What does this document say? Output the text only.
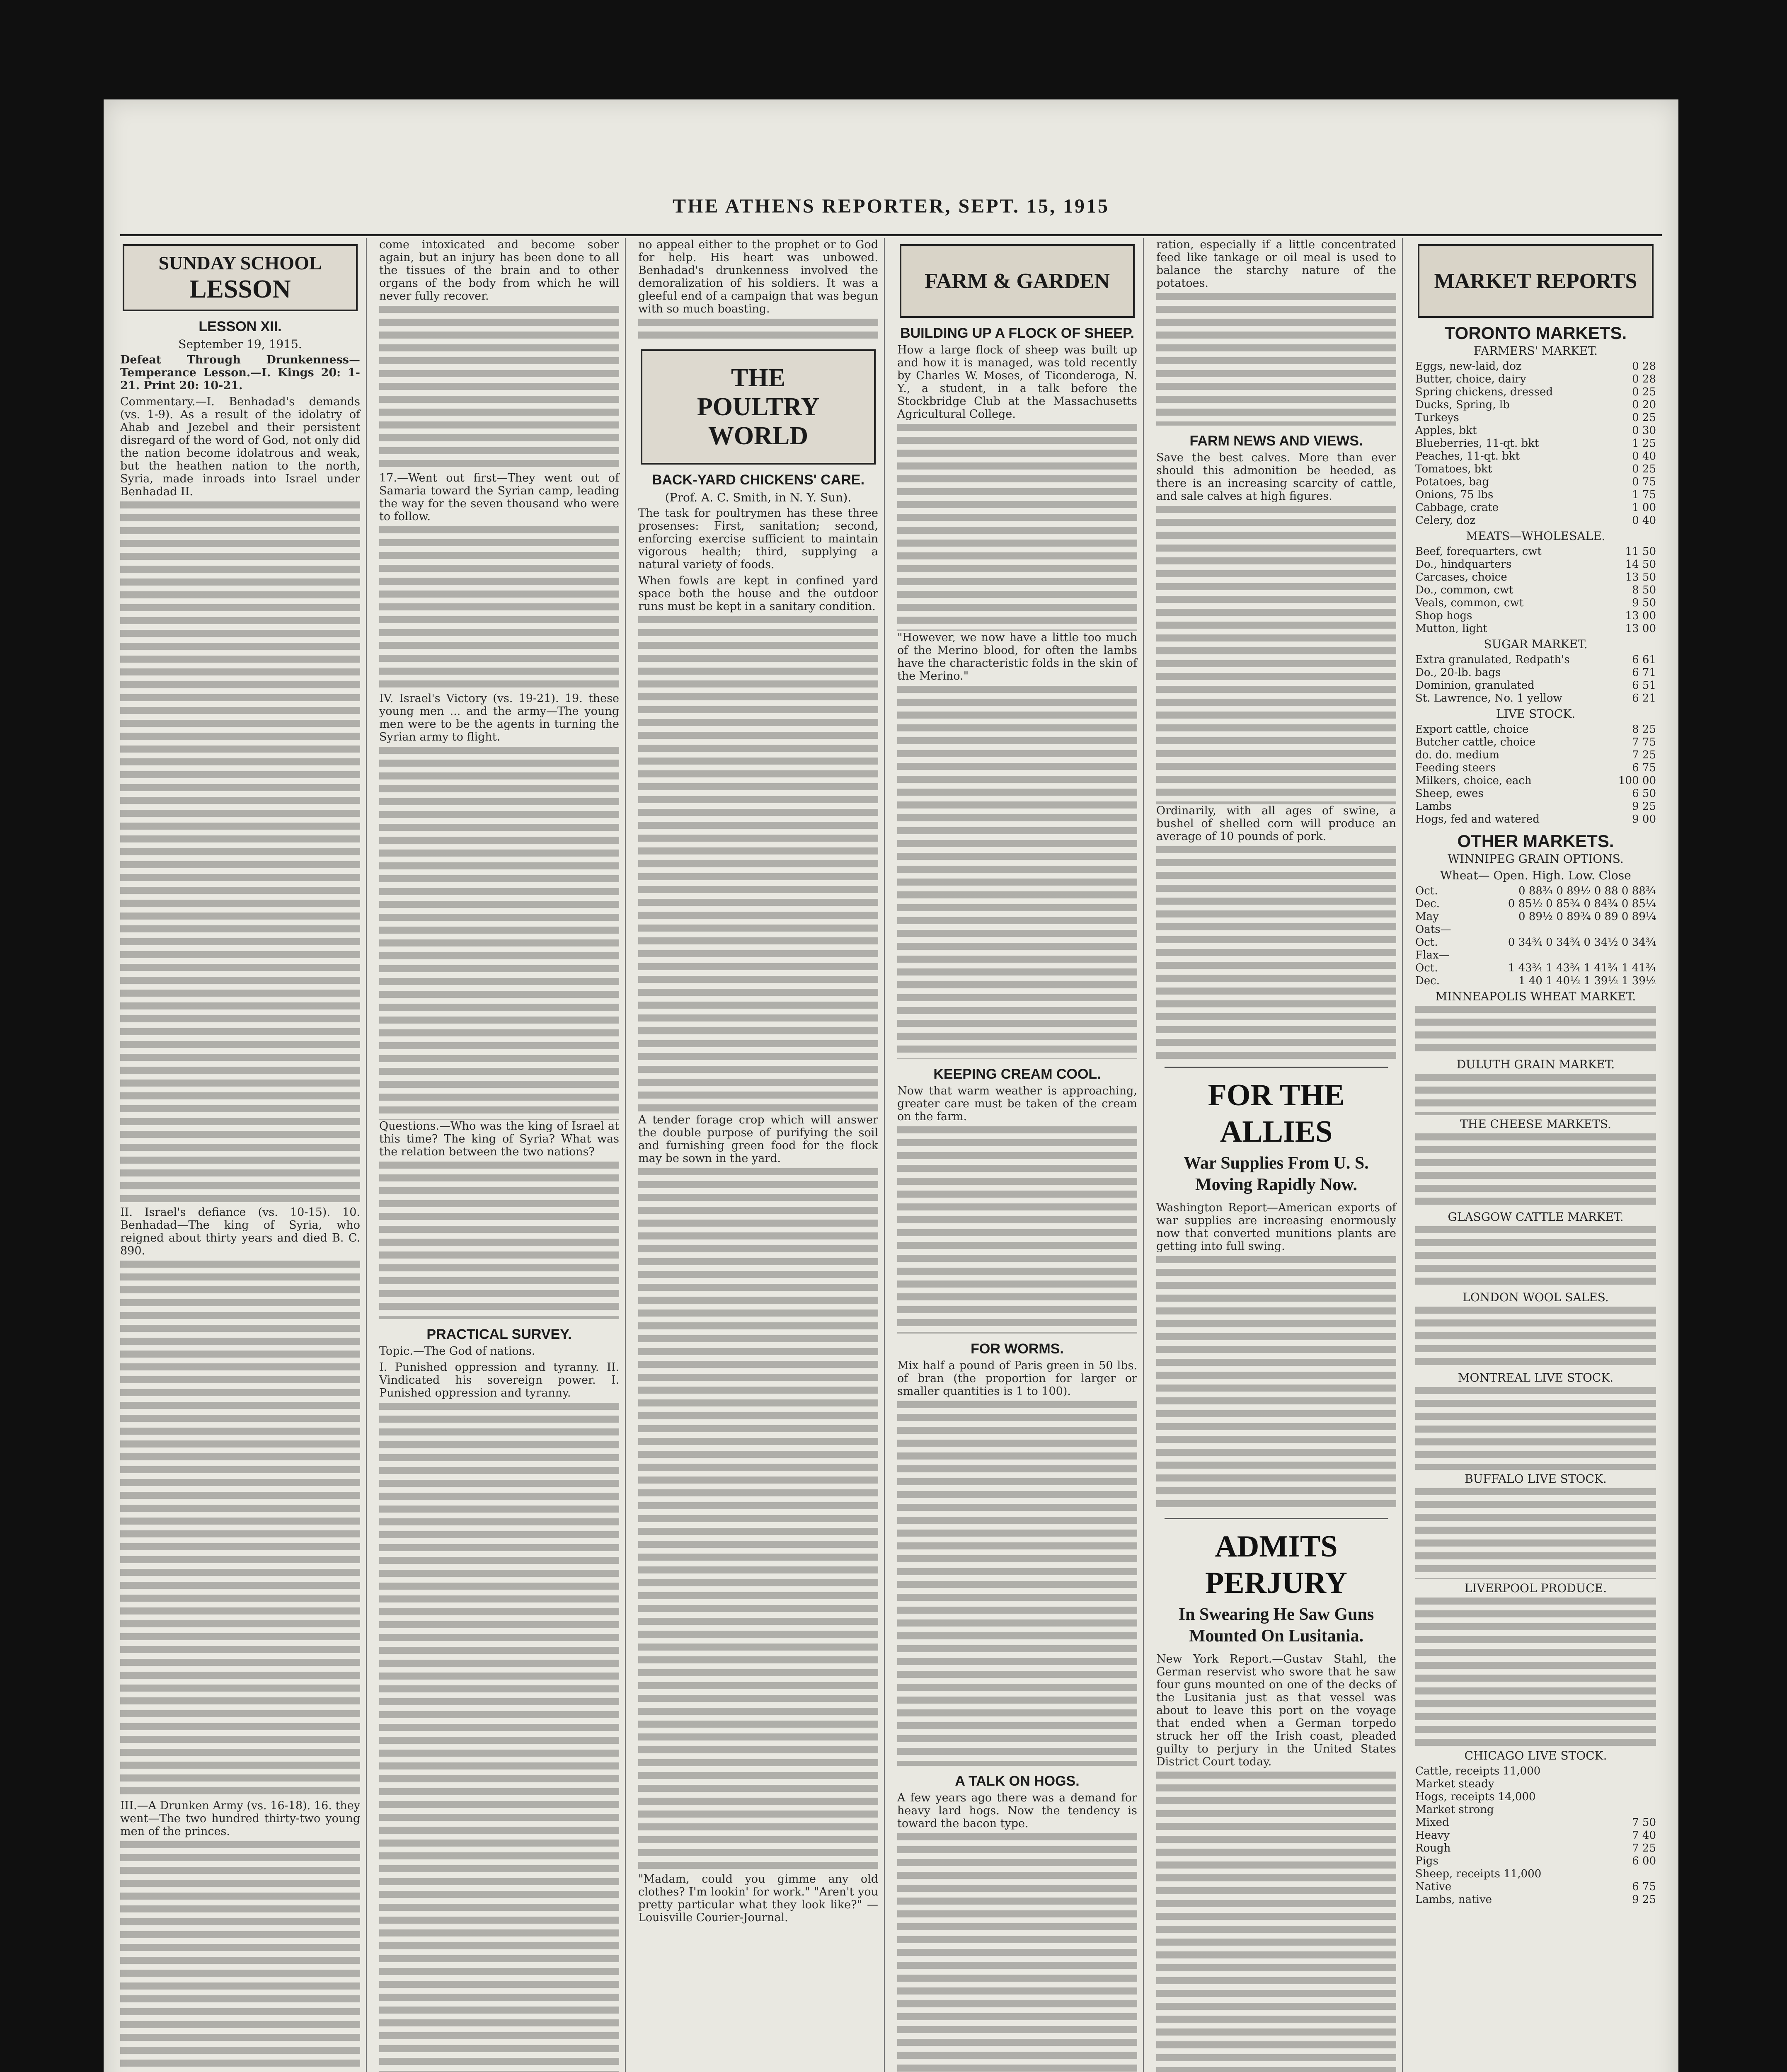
THE ATHENS REPORTER, SEPT. 15, 1915
SUNDAY SCHOOL
LESSON
LESSON XII.
September 19, 1915.

Defeat Through Drunkenness—Temperance Lesson.—I. Kings 20: 1-21. Print 20: 10-21.

Commentary.—I. Benhadad's demands (vs. 1-9). As a result of the idolatry of Ahab and Jezebel and their persistent disregard of the word of God, not only did the nation become idolatrous and weak, but the heathen nation to the north, Syria, made inroads into Israel under Benhadad II.

II. Israel's defiance (vs. 10-15). 10. Benhadad—The king of Syria, who reigned about thirty years and died B. C. 890.

III.—A Drunken Army (vs. 16-18). 16. they went—The two hundred thirty-two young men of the princes.

come intoxicated and become sober again, but an injury has been done to all the tissues of the brain and to other organs of the body from which he will never fully recover.

17.—Went out first—They went out of Samaria toward the Syrian camp, leading the way for the seven thousand who were to follow.

IV. Israel's Victory (vs. 19-21). 19. these young men ... and the army—The young men were to be the agents in turning the Syrian army to flight.

Questions.—Who was the king of Israel at this time? The king of Syria? What was the relation between the two nations?

PRACTICAL SURVEY.

Topic.—The God of nations.

I. Punished oppression and tyranny. II. Vindicated his sovereign power. I. Punished oppression and tyranny.

no appeal either to the prophet or to God for help. His heart was unbowed. Benhadad's drunkenness involved the demoralization of his soldiers. It was a gleeful end of a campaign that was begun with so much boasting.

THE
POULTRY WORLD
BACK-YARD CHICKENS' CARE.
(Prof. A. C. Smith, in N. Y. Sun).

The task for poultrymen has these three prosenses: First, sanitation; second, enforcing exercise sufficient to maintain vigorous health; third, supplying a natural variety of foods.

When fowls are kept in confined yard space both the house and the outdoor runs must be kept in a sanitary condition.

A tender forage crop which will answer the double purpose of purifying the soil and furnishing green food for the flock may be sown in the yard.

"Madam, could you gimme any old clothes? I'm lookin' for work." "Aren't you pretty particular what they look like?" — Louisville Courier-Journal.

FARM & GARDEN
BUILDING UP A FLOCK OF SHEEP.

How a large flock of sheep was built up and how it is managed, was told recently by Charles W. Moses, of Ticonderoga, N. Y., a student, in a talk before the Stockbridge Club at the Massachusetts Agricultural College.

"However, we now have a little too much of the Merino blood, for often the lambs have the characteristic folds in the skin of the Merino."

KEEPING CREAM COOL.

Now that warm weather is approaching, greater care must be taken of the cream on the farm.

FOR WORMS.

Mix half a pound of Paris green in 50 lbs. of bran (the proportion for larger or smaller quantities is 1 to 100).

A TALK ON HOGS.

A few years ago there was a demand for heavy lard hogs. Now the tendency is toward the bacon type.

ration, especially if a little concentrated feed like tankage or oil meal is used to balance the starchy nature of the potatoes.

FARM NEWS AND VIEWS.

Save the best calves. More than ever should this admonition be heeded, as there is an increasing scarcity of cattle, and sale calves at high figures.

Ordinarily, with all ages of swine, a bushel of shelled corn will produce an average of 10 pounds of pork.

FOR THE ALLIES
War Supplies From U. S. Moving Rapidly Now.

Washington Report—American exports of war supplies are increasing enormously now that converted munitions plants are getting into full swing.

ADMITS PERJURY
In Swearing He Saw Guns Mounted On Lusitania.

New York Report.—Gustav Stahl, the German reservist who swore that he saw four guns mounted on one of the decks of the Lusitania just as that vessel was about to leave this port on the voyage that ended when a German torpedo struck her off the Irish coast, pleaded guilty to perjury in the United States District Court today.

MARKET REPORTS
TORONTO MARKETS.
FARMERS' MARKET.
Eggs, new-laid, doz	0 28
Butter, choice, dairy	0 28
Spring chickens, dressed	0 25
Ducks, Spring, lb	0 20
Turkeys	0 25
Apples, bkt	0 30
Blueberries, 11-qt. bkt	1 25
Peaches, 11-qt. bkt	0 40
Tomatoes, bkt	0 25
Potatoes, bag	0 75
Onions, 75 lbs	1 75
Cabbage, crate	1 00
Celery, doz	0 40
MEATS—WHOLESALE.
Beef, forequarters, cwt	11 50
Do., hindquarters	14 50
Carcases, choice	13 50
Do., common, cwt	8 50
Veals, common, cwt	9 50
Shop hogs	13 00
Mutton, light	13 00
SUGAR MARKET.
Extra granulated, Redpath's	6 61
Do., 20-lb. bags	6 71
Dominion, granulated	6 51
St. Lawrence, No. 1 yellow	6 21
LIVE STOCK.
Export cattle, choice	8 25
Butcher cattle, choice	7 75
do. do. medium	7 25
Feeding steers	6 75
Milkers, choice, each	100 00
Sheep, ewes	6 50
Lambs	9 25
Hogs, fed and watered	9 00
OTHER MARKETS.
WINNIPEG GRAIN OPTIONS.
Wheat— Open. High. Low. Close
Oct.	0 88¾ 0 89½ 0 88 0 88¾
Dec.	0 85½ 0 85¾ 0 84¾ 0 85¼
May	0 89½ 0 89¾ 0 89 0 89¼
Oats—
Oct.	0 34¾ 0 34¾ 0 34½ 0 34¾
Flax—
Oct.	1 43¾ 1 43¾ 1 41¾ 1 41¾
Dec.	1 40 1 40½ 1 39½ 1 39½
MINNEAPOLIS WHEAT MARKET.
DULUTH GRAIN MARKET.
THE CHEESE MARKETS.
GLASGOW CATTLE MARKET.
LONDON WOOL SALES.
MONTREAL LIVE STOCK.
BUFFALO LIVE STOCK.
LIVERPOOL PRODUCE.
CHICAGO LIVE STOCK.
Cattle, receipts 11,000
Market steady
Hogs, receipts 14,000
Market strong
Mixed	7 50
Heavy	7 40
Rough	7 25
Pigs	6 00
Sheep, receipts 11,000
Native	6 75
Lambs, native	9 25
